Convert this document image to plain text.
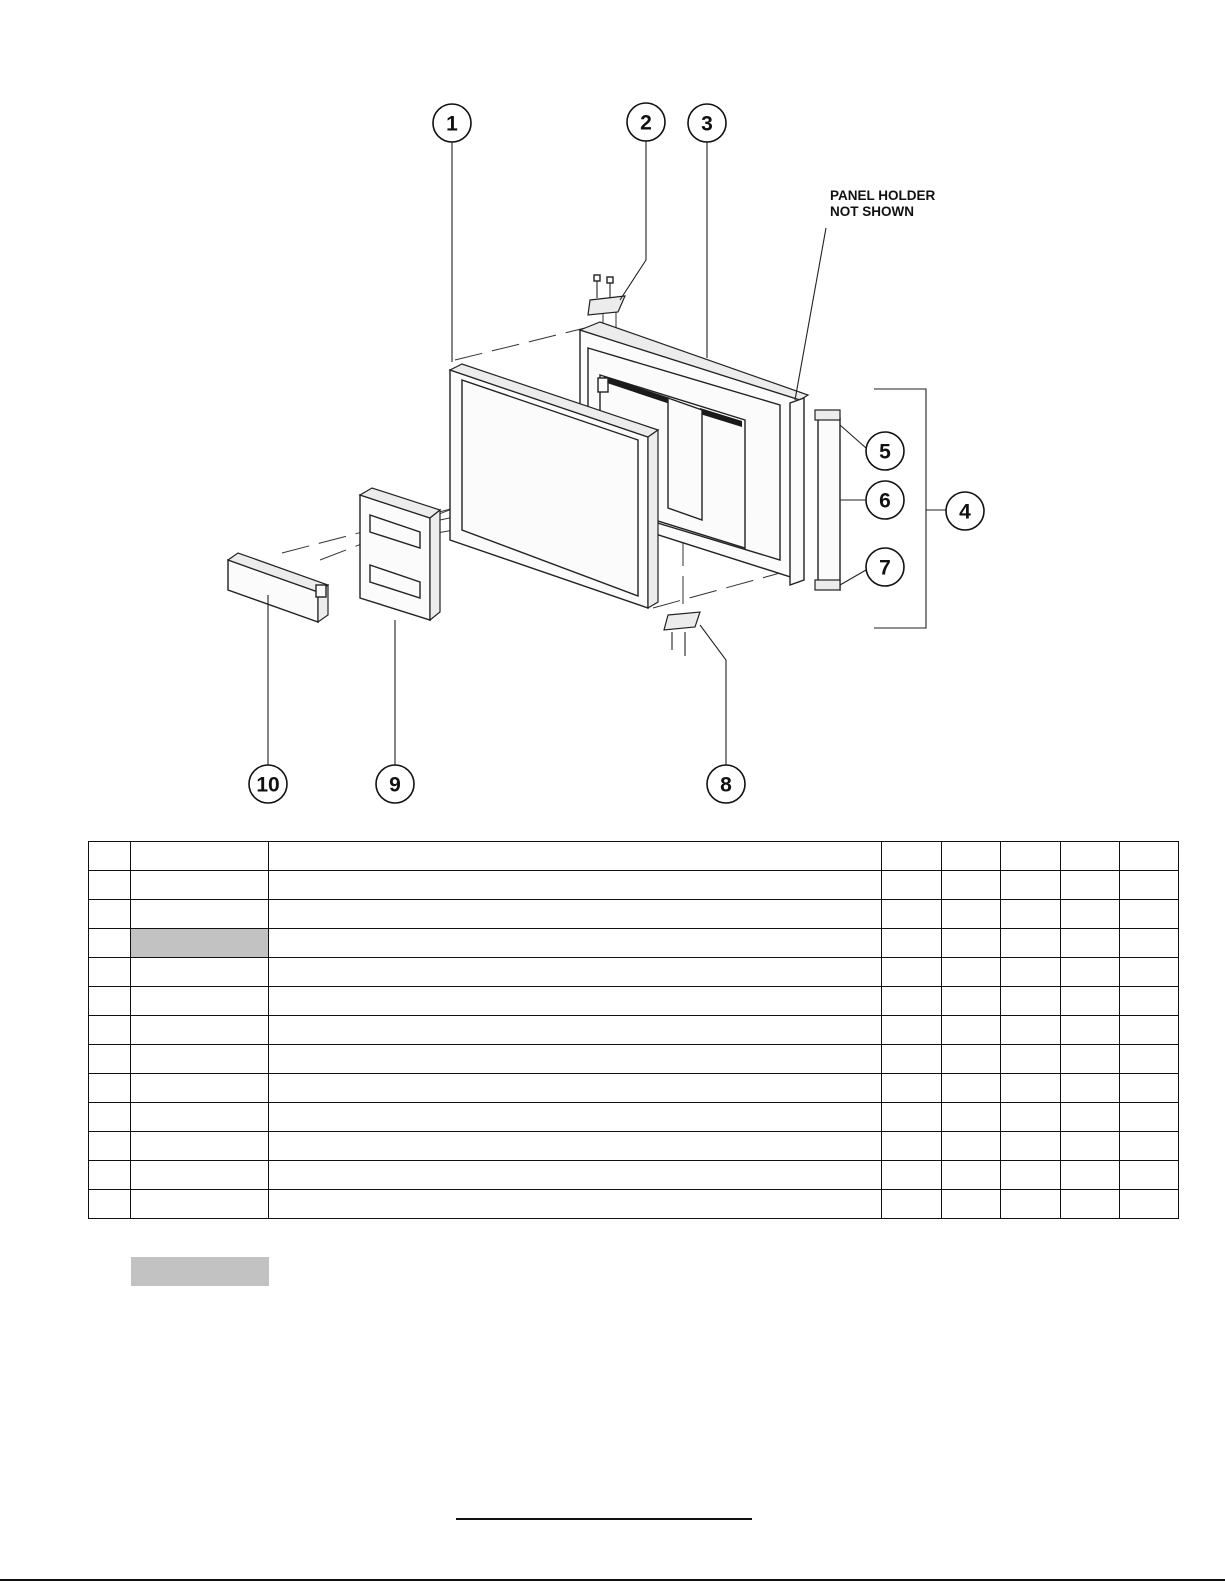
PANEL HOLDER
NOT SHOWN
1	2 3
4
5
6
7
8
9
10
